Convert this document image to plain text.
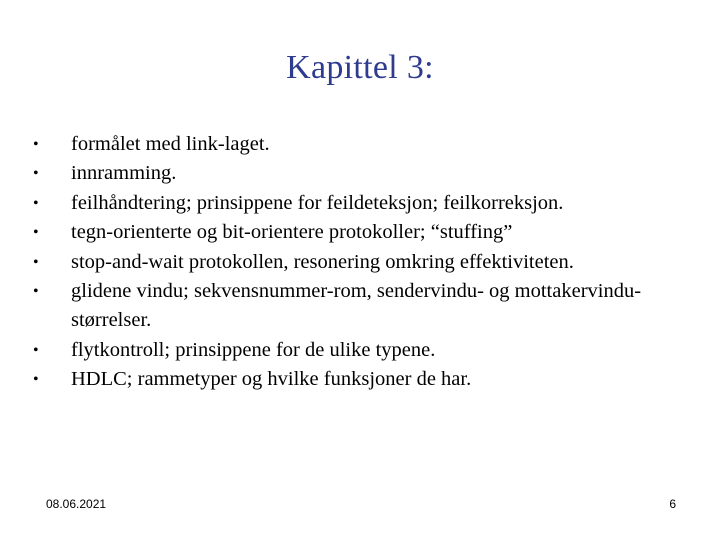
Kapittel 3:
• formålet med link-laget.
• innramming.
• feilhåndtering; prinsippene for feildeteksjon; feilkorreksjon.
• tegn-orienterte og bit-orientere protokoller; “stuffing”
• stop-and-wait protokollen, resonering omkring effektiviteten.
• glidene vindu; sekvensnummer-rom, sendervindu- og mottakervindu-størrelser.
• flytkontroll; prinsippene for de ulike typene.
• HDLC; rammetyper og hvilke funksjoner de har.
08.06.2021	6
